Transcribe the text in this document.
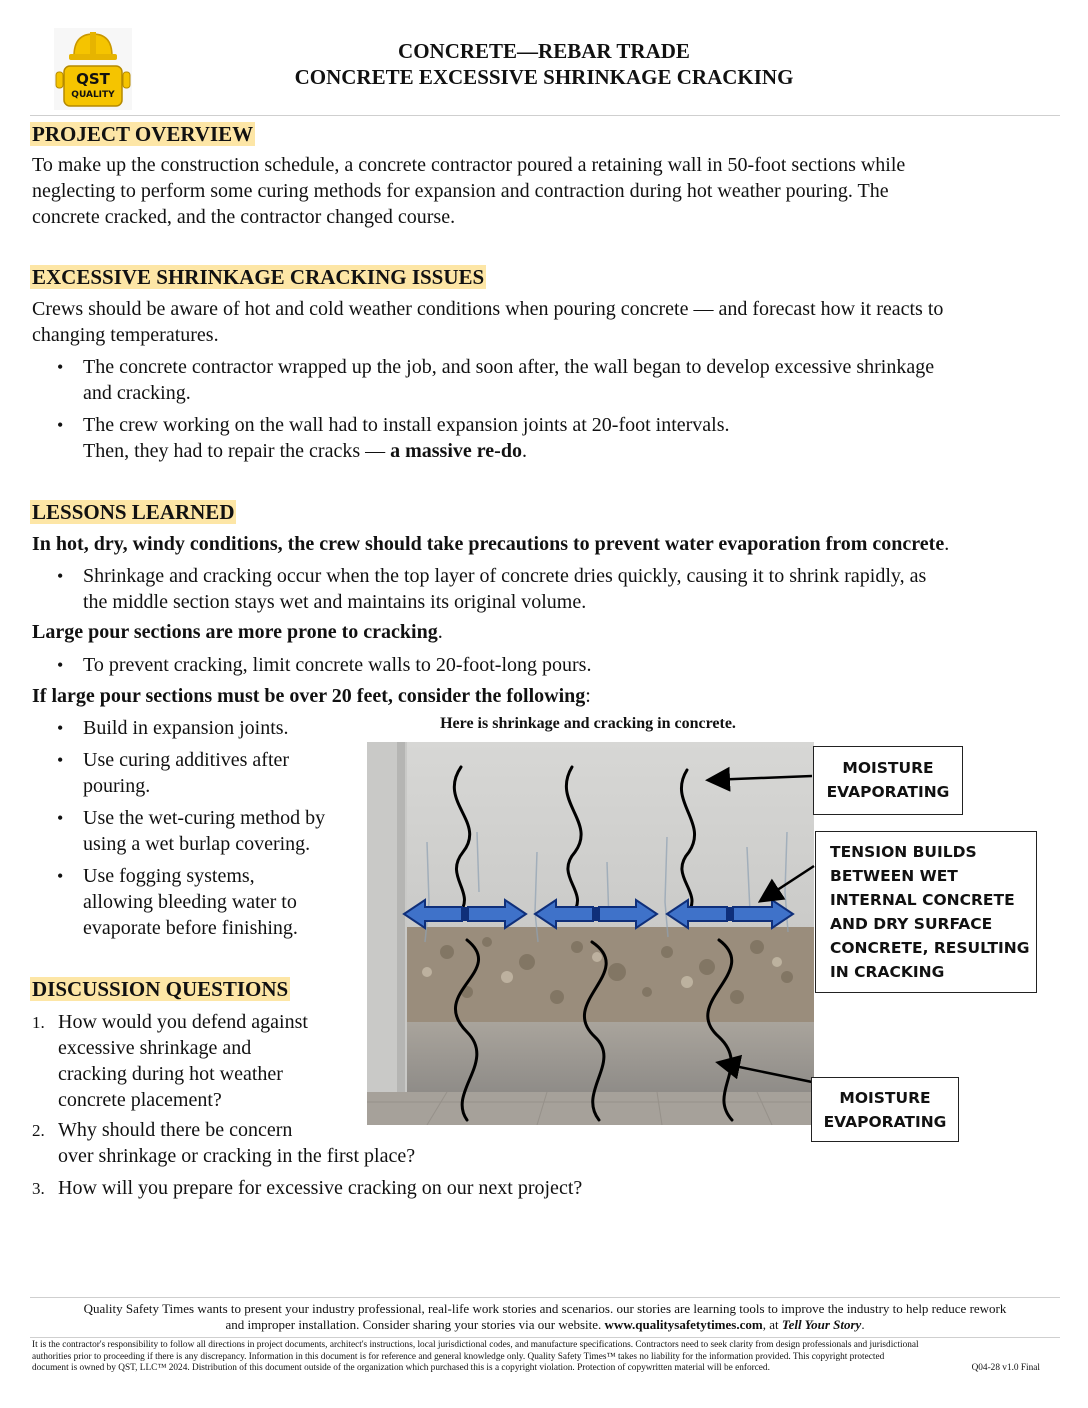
QST
QUALITY
CONCRETE—REBAR TRADE
CONCRETE EXCESSIVE SHRINKAGE CRACKING
PROJECT OVERVIEW
To make up the construction schedule, a concrete contractor poured a retaining wall in 50-foot sections while
neglecting to perform some curing methods for expansion and contraction during hot weather pouring. The
concrete cracked, and the contractor changed course.
EXCESSIVE SHRINKAGE CRACKING ISSUES
Crews should be aware of hot and cold weather conditions when pouring concrete — and forecast how it reacts to
changing temperatures.
• The concrete contractor wrapped up the job, and soon after, the wall began to develop excessive shrinkage
and cracking.
• The crew working on the wall had to install expansion joints at 20-foot intervals.
Then, they had to repair the cracks — a massive re-do.
LESSONS LEARNED
In hot, dry, windy conditions, the crew should take precautions to prevent water evaporation from concrete.
• Shrinkage and cracking occur when the top layer of concrete dries quickly, causing it to shrink rapidly, as
the middle section stays wet and maintains its original volume.
Large pour sections are more prone to cracking.
• To prevent cracking, limit concrete walls to 20-foot-long pours.
If large pour sections must be over 20 feet, consider the following:
• Build in expansion joints.
• Use curing additives after
pouring.
• Use the wet-curing method by
using a wet burlap covering.
• Use fogging systems,
allowing bleeding water to
evaporate before finishing.
Here is shrinkage and cracking in concrete.
MOISTURE
EVAPORATING
TENSION BUILDS
BETWEEN WET
INTERNAL CONCRETE
AND DRY SURFACE
CONCRETE, RESULTING
IN CRACKING
MOISTURE
EVAPORATING
DISCUSSION QUESTIONS
1. How would you defend against
excessive shrinkage and
cracking during hot weather
concrete placement?
2. Why should there be concern
over shrinkage or cracking in the first place?
3. How will you prepare for excessive cracking on our next project?
Quality Safety Times wants to present your industry professional, real-life work stories and scenarios. our stories are learning tools to improve the industry to help reduce rework
and improper installation. Consider sharing your stories via our website. www.qualitysafetytimes.com, at Tell Your Story.
It is the contractor's responsibility to follow all directions in project documents, architect's instructions, local jurisdictional codes, and manufacture specifications. Contractors need to seek clarity from design professionals and jurisdictional
authorities prior to proceeding if there is any discrepancy. Information in this document is for reference and general knowledge only. Quality Safety Times™ takes no liability for the information provided. This copyright protected
document is owned by QST, LLC™ 2024. Distribution of this document outside of the organization which purchased this is a copyright violation. Protection of copywritten material will be enforced.	Q04-28 v1.0 Final
